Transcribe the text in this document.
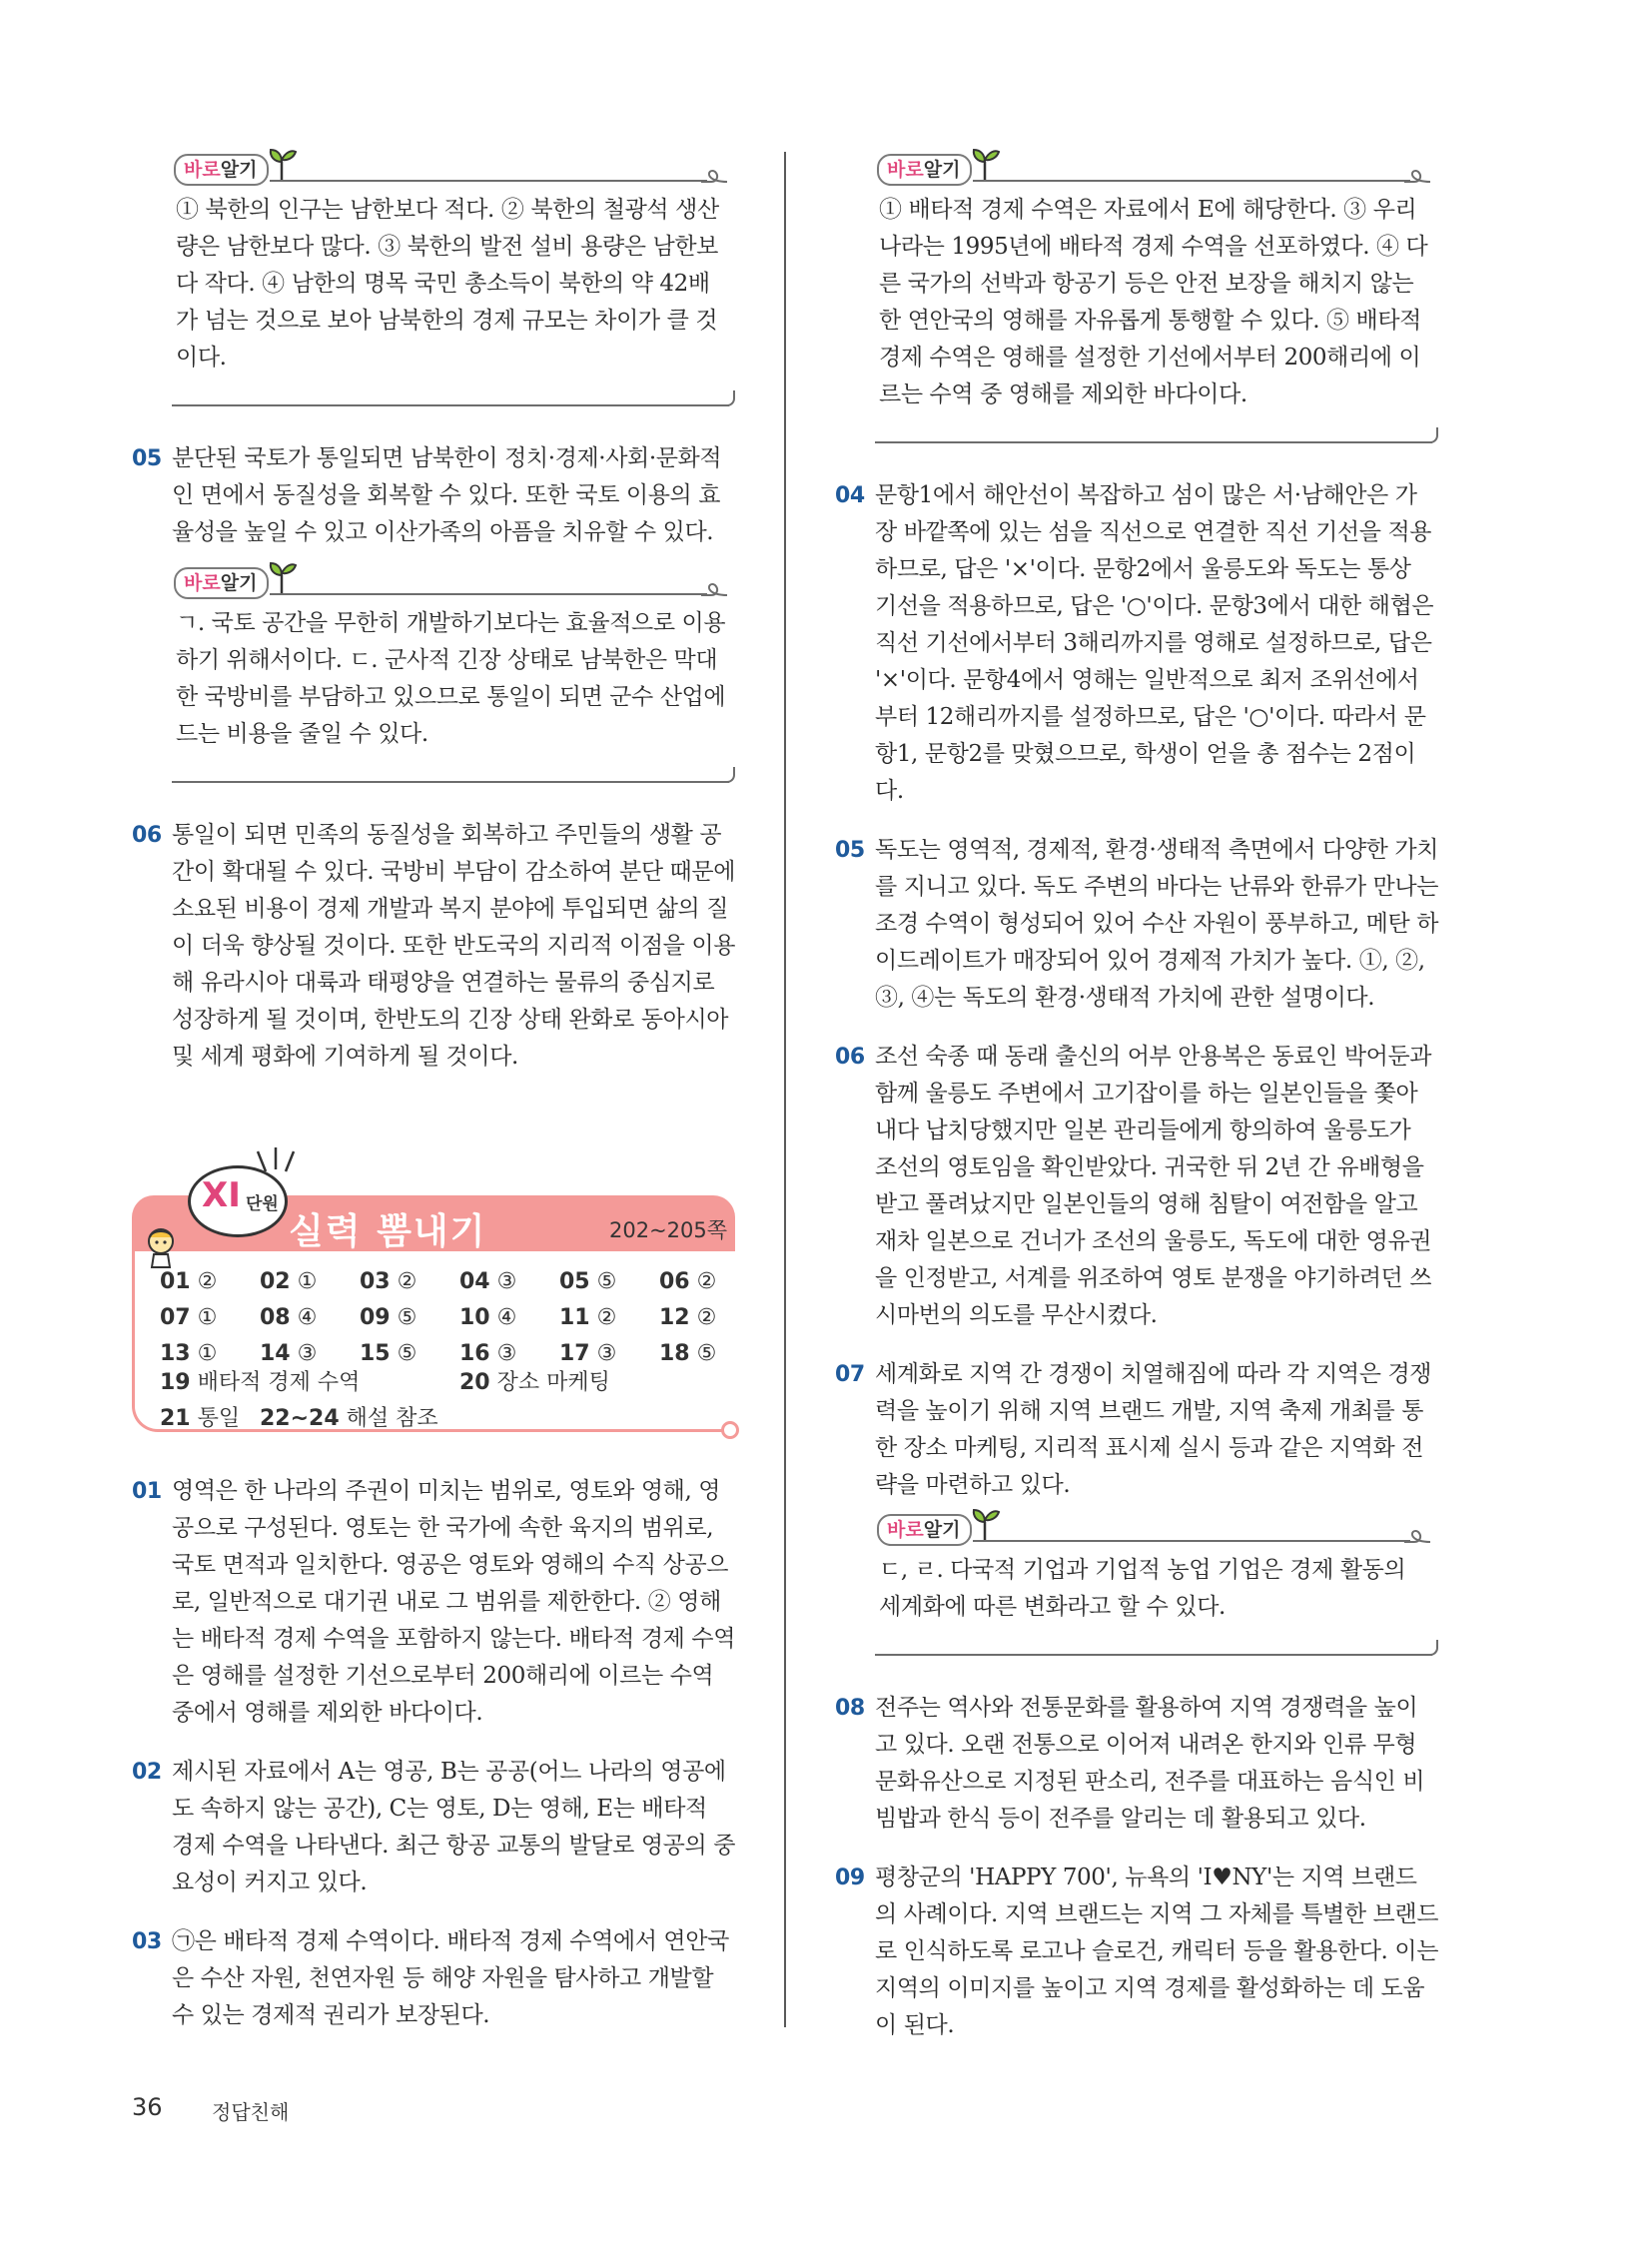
바로알기
① 북한의 인구는 남한보다 적다. ② 북한의 철광석 생산량은 남한보다 많다. ③ 북한의 발전 설비 용량은 남한보다 작다. ④ 남한의 명목 국민 총소득이 북한의 약 42배가 넘는 것으로 보아 남북한의 경제 규모는 차이가 클 것이다.
05 분단된 국토가 통일되면 남북한이 정치·경제·사회·문화적인 면에서 동질성을 회복할 수 있다. 또한 국토 이용의 효율성을 높일 수 있고 이산가족의 아픔을 치유할 수 있다.
바로알기
ㄱ. 국토 공간을 무한히 개발하기보다는 효율적으로 이용하기 위해서이다. ㄷ. 군사적 긴장 상태로 남북한은 막대한 국방비를 부담하고 있으므로 통일이 되면 군수 산업에 드는 비용을 줄일 수 있다.
06 통일이 되면 민족의 동질성을 회복하고 주민들의 생활 공간이 확대될 수 있다. 국방비 부담이 감소하여 분단 때문에 소요된 비용이 경제 개발과 복지 분야에 투입되면 삶의 질이 더욱 향상될 것이다. 또한 반도국의 지리적 이점을 이용해 유라시아 대륙과 태평양을 연결하는 물류의 중심지로 성장하게 될 것이며, 한반도의 긴장 상태 완화로 동아시아 및 세계 평화에 기여하게 될 것이다.
XI 단원
실력 뽐내기	202~205쪽
01 ② 02 ① 03 ② 04 ③ 05 ⑤ 06 ②
07 ① 08 ④ 09 ⑤ 10 ④ 11 ② 12 ②
13 ① 14 ③ 15 ⑤ 16 ③ 17 ③ 18 ⑤
19 배타적 경제 수역	20 장소 마케팅
21 통일 22~24 해설 참조
01 영역은 한 나라의 주권이 미치는 범위로, 영토와 영해, 영공으로 구성된다. 영토는 한 국가에 속한 육지의 범위로, 국토 면적과 일치한다. 영공은 영토와 영해의 수직 상공으로, 일반적으로 대기권 내로 그 범위를 제한한다. ② 영해는 배타적 경제 수역을 포함하지 않는다. 배타적 경제 수역은 영해를 설정한 기선으로부터 200해리에 이르는 수역 중에서 영해를 제외한 바다이다.
02 제시된 자료에서 A는 영공, B는 공공(어느 나라의 영공에도 속하지 않는 공간), C는 영토, D는 영해, E는 배타적 경제 수역을 나타낸다. 최근 항공 교통의 발달로 영공의 중요성이 커지고 있다.
03 ㉠은 배타적 경제 수역이다. 배타적 경제 수역에서 연안국은 수산 자원, 천연자원 등 해양 자원을 탐사하고 개발할 수 있는 경제적 권리가 보장된다.
바로알기
① 배타적 경제 수역은 자료에서 E에 해당한다. ③ 우리나라는 1995년에 배타적 경제 수역을 선포하였다. ④ 다른 국가의 선박과 항공기 등은 안전 보장을 해치지 않는 한 연안국의 영해를 자유롭게 통행할 수 있다. ⑤ 배타적 경제 수역은 영해를 설정한 기선에서부터 200해리에 이르는 수역 중 영해를 제외한 바다이다.
04 문항1에서 해안선이 복잡하고 섬이 많은 서·남해안은 가장 바깥쪽에 있는 섬을 직선으로 연결한 직선 기선을 적용하므로, 답은 '×'이다. 문항2에서 울릉도와 독도는 통상 기선을 적용하므로, 답은 '○'이다. 문항3에서 대한 해협은 직선 기선에서부터 3해리까지를 영해로 설정하므로, 답은 '×'이다. 문항4에서 영해는 일반적으로 최저 조위선에서부터 12해리까지를 설정하므로, 답은 '○'이다. 따라서 문항1, 문항2를 맞혔으므로, 학생이 얻을 총 점수는 2점이다.
05 독도는 영역적, 경제적, 환경·생태적 측면에서 다양한 가치를 지니고 있다. 독도 주변의 바다는 난류와 한류가 만나는 조경 수역이 형성되어 있어 수산 자원이 풍부하고, 메탄 하이드레이트가 매장되어 있어 경제적 가치가 높다. ①, ②, ③, ④는 독도의 환경·생태적 가치에 관한 설명이다.
06 조선 숙종 때 동래 출신의 어부 안용복은 동료인 박어둔과 함께 울릉도 주변에서 고기잡이를 하는 일본인들을 쫓아내다 납치당했지만 일본 관리들에게 항의하여 울릉도가 조선의 영토임을 확인받았다. 귀국한 뒤 2년 간 유배형을 받고 풀려났지만 일본인들의 영해 침탈이 여전함을 알고 재차 일본으로 건너가 조선의 울릉도, 독도에 대한 영유권을 인정받고, 서계를 위조하여 영토 분쟁을 야기하려던 쓰시마번의 의도를 무산시켰다.
07 세계화로 지역 간 경쟁이 치열해짐에 따라 각 지역은 경쟁력을 높이기 위해 지역 브랜드 개발, 지역 축제 개최를 통한 장소 마케팅, 지리적 표시제 실시 등과 같은 지역화 전략을 마련하고 있다.
바로알기
ㄷ, ㄹ. 다국적 기업과 기업적 농업 기업은 경제 활동의 세계화에 따른 변화라고 할 수 있다.
08 전주는 역사와 전통문화를 활용하여 지역 경쟁력을 높이고 있다. 오랜 전통으로 이어져 내려온 한지와 인류 무형 문화유산으로 지정된 판소리, 전주를 대표하는 음식인 비빔밥과 한식 등이 전주를 알리는 데 활용되고 있다.
09 평창군의 'HAPPY 700', 뉴욕의 'I♥NY'는 지역 브랜드의 사례이다. 지역 브랜드는 지역 그 자체를 특별한 브랜드로 인식하도록 로고나 슬로건, 캐릭터 등을 활용한다. 이는 지역의 이미지를 높이고 지역 경제를 활성화하는 데 도움이 된다.
36 정답친해
